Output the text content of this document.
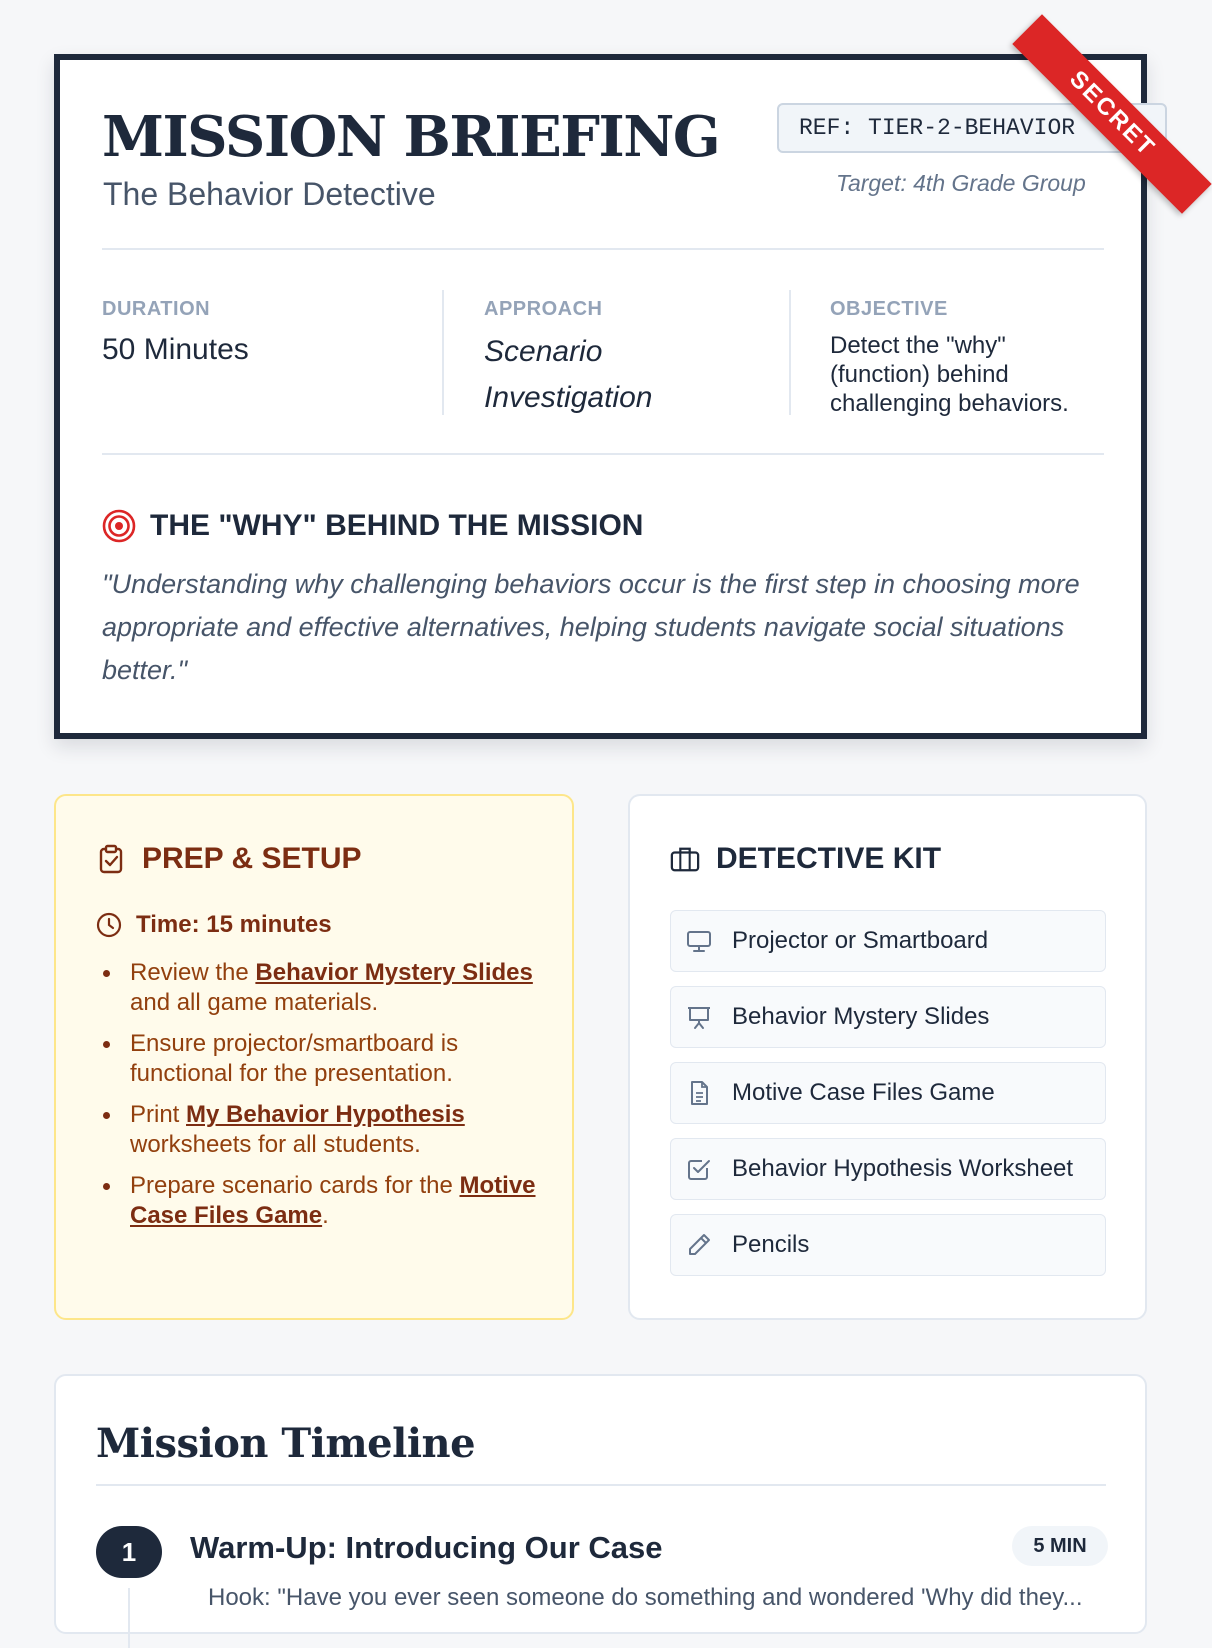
MISSION BRIEFING
The Behavior Detective
REF: TIER-2-BEHAVIOR
Target: 4th Grade Group
SECRET
DURATION
50 Minutes
APPROACH
Scenario
Investigation
OBJECTIVE
Detect the "why" (function) behind challenging behaviors.
THE "WHY" BEHIND THE MISSION

"Understanding why challenging behaviors occur is the first step in choosing more appropriate and effective alternatives, helping students navigate social situations better."

PREP & SETUP
Time: 15 minutes
Review the Behavior Mystery Slides and all game materials.
Ensure projector/smartboard is functional for the presentation.
Print My Behavior Hypothesis worksheets for all students.
Prepare scenario cards for the Motive Case Files Game.
DETECTIVE KIT
Projector or Smartboard
Behavior Mystery Slides
Motive Case Files Game
Behavior Hypothesis Worksheet
Pencils
Mission Timeline
1	Warm-Up: Introducing Our Case	5 MIN
Hook: "Have you ever seen someone do something and wondered 'Why did they...
